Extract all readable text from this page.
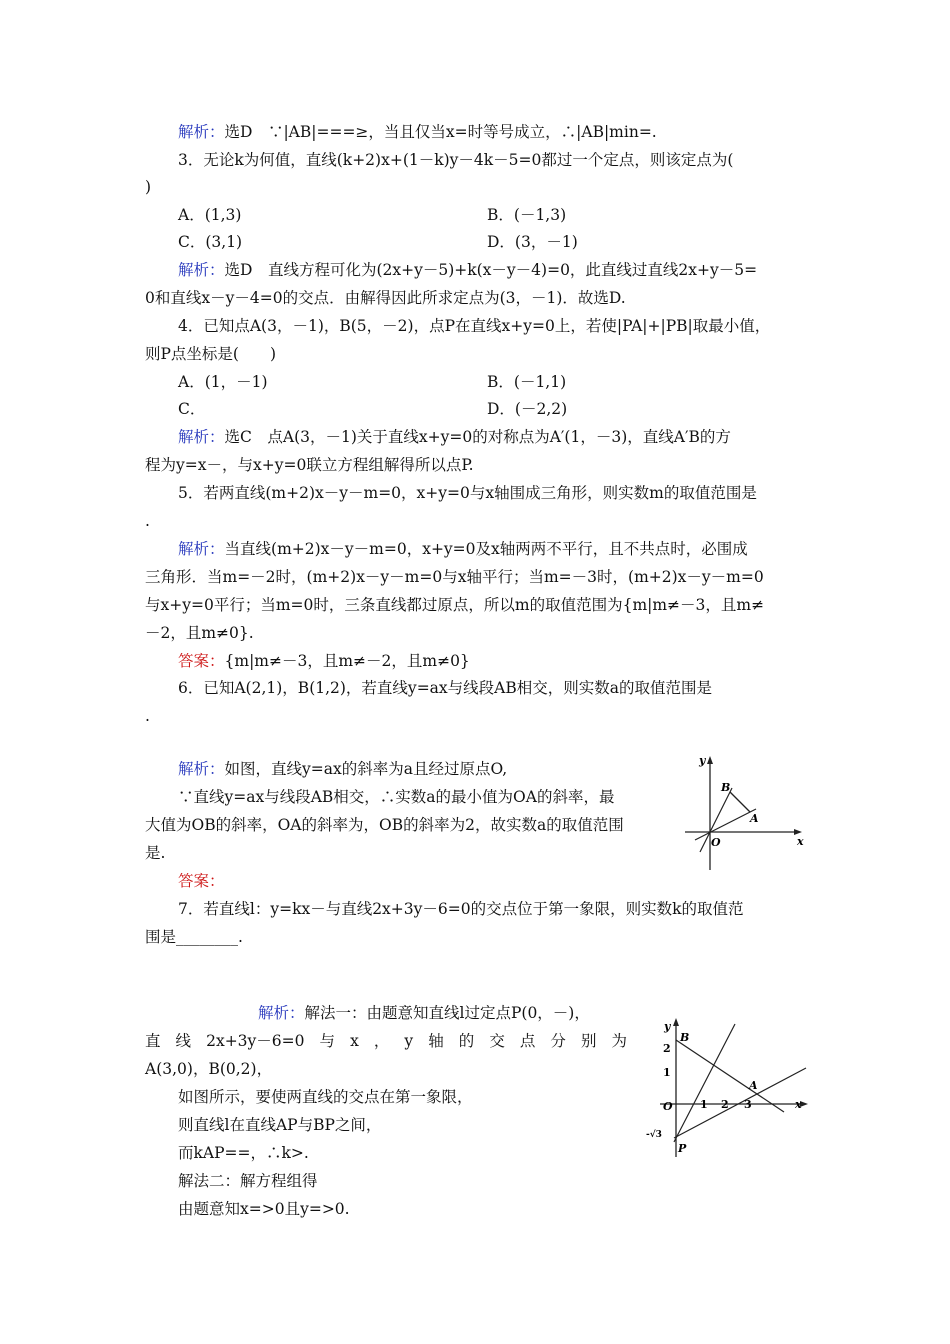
解析：选D　∵|AB|===≥，当且仅当x=时等号成立，∴|AB|min=.
3．无论k为何值，直线(k+2)x+(1－k)y－4k－5=0都过一个定点，则该定点为(
)
A．(1,3)	B．(－1,3)
C．(3,1)	D．(3，－1)
解析：选D　直线方程可化为(2x+y－5)+k(x－y－4)=0，此直线过直线2x+y－5=
0和直线x－y－4=0的交点．由解得因此所求定点为(3，－1)．故选D.
4．已知点A(3，－1)，B(5，－2)，点P在直线x+y=0上，若使|PA|+|PB|取最小值，
则P点坐标是(　　)
A．(1，－1)	B．(－1,1)
C．	D．(－2,2)
解析：选C　点A(3，－1)关于直线x+y=0的对称点为A′(1，－3)，直线A′B的方
程为y=x－，与x+y=0联立方程组解得所以点P.
5．若两直线(m+2)x－y－m=0，x+y=0与x轴围成三角形，则实数m的取值范围是
.
解析：当直线(m+2)x－y－m=0，x+y=0及x轴两两不平行，且不共点时，必围成
三角形．当m=－2时，(m+2)x－y－m=0与x轴平行；当m=－3时，(m+2)x－y－m=0
与x+y=0平行；当m=0时，三条直线都过原点，所以m的取值范围为{m|m≠－3，且m≠
－2，且m≠0}.
答案：{m|m≠－3，且m≠－2，且m≠0}
6．已知A(2,1)，B(1,2)，若直线y=ax与线段AB相交，则实数a的取值范围是
.
解析：如图，直线y=ax的斜率为a且经过原点O,
∵直线y=ax与线段AB相交，∴实数a的最小值为OA的斜率，最
大值为OB的斜率，OA的斜率为，OB的斜率为2，故实数a的取值范围
是.
答案：
y
x
O
B
A
7．若直线l：y=kx－与直线2x+3y－6=0的交点位于第一象限，则实数k的取值范
围是________.
解析：解法一：由题意知直线l过定点P(0，－)，
直线2x+3y－6=0与x，y轴的交点分别为
A(3,0)，B(0,2)，
如图所示，要使两直线的交点在第一象限，
则直线l在直线AP与BP之间，
而kAP==，∴k>.
解法二：解方程组得
由题意知x=>0且y=>0.
y
x
O
B
A
P
2
1
1 2 3
-√3
